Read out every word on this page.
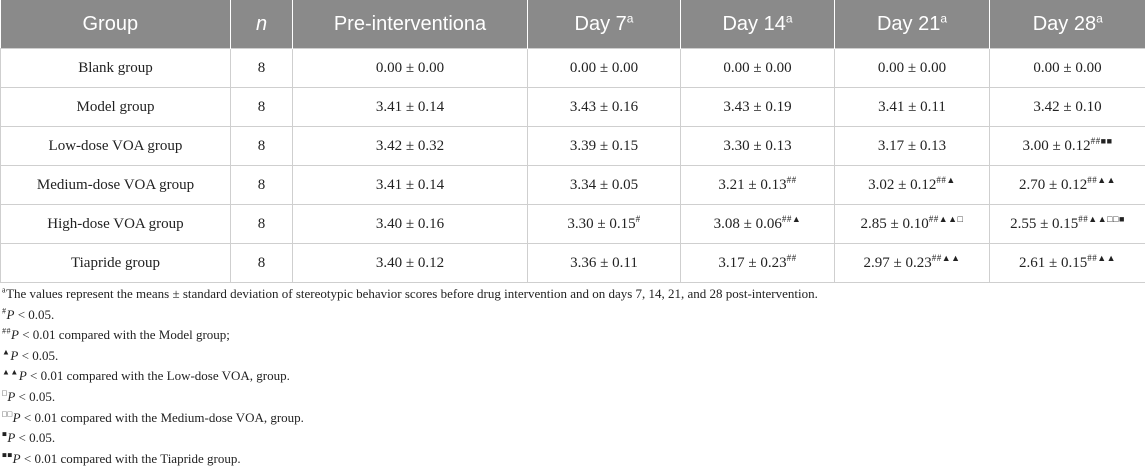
Group	n	Pre-interventiona	Day 7$^a$	Day 14$^a$	Day 21$^a$	Day 28$^a$
Blank group	8	0.00 ± 0.00	0.00 ± 0.00	0.00 ± 0.00	0.00 ± 0.00	0.00 ± 0.00
Model group	8	3.41 ± 0.14	3.43 ± 0.16	3.43 ± 0.19	3.41 ± 0.11	3.42 ± 0.10
Low-dose VOA group	8	3.42 ± 0.32	3.39 ± 0.15	3.30 ± 0.13	3.17 ± 0.13	3.00 ± 0.12##■■
Medium-dose VOA group	8	3.41 ± 0.14	3.34 ± 0.05	3.21 ± 0.13##	3.02 ± 0.12##▲	2.70 ± 0.12##▲▲
High-dose VOA group	8	3.40 ± 0.16	3.30 ± 0.15#	3.08 ± 0.06##▲	2.85 ± 0.10##▲▲□	2.55 ± 0.15##▲▲□□■
Tiapride group	8	3.40 ± 0.12	3.36 ± 0.11	3.17 ± 0.23##	2.97 ± 0.23##▲▲	2.61 ± 0.15##▲▲
$^a$The values represent the means ± standard deviation of stereotypic behavior scores before drug intervention and on days 7, 14, 21, and 28 post-intervention.
#P < 0.05.
##P < 0.01 compared with the Model group;
▲P < 0.05.
▲▲P < 0.01 compared with the Low-dose VOA, group.
□P < 0.05.
□□P < 0.01 compared with the Medium-dose VOA, group.
■P < 0.05.
■■P < 0.01 compared with the Tiapride group.
